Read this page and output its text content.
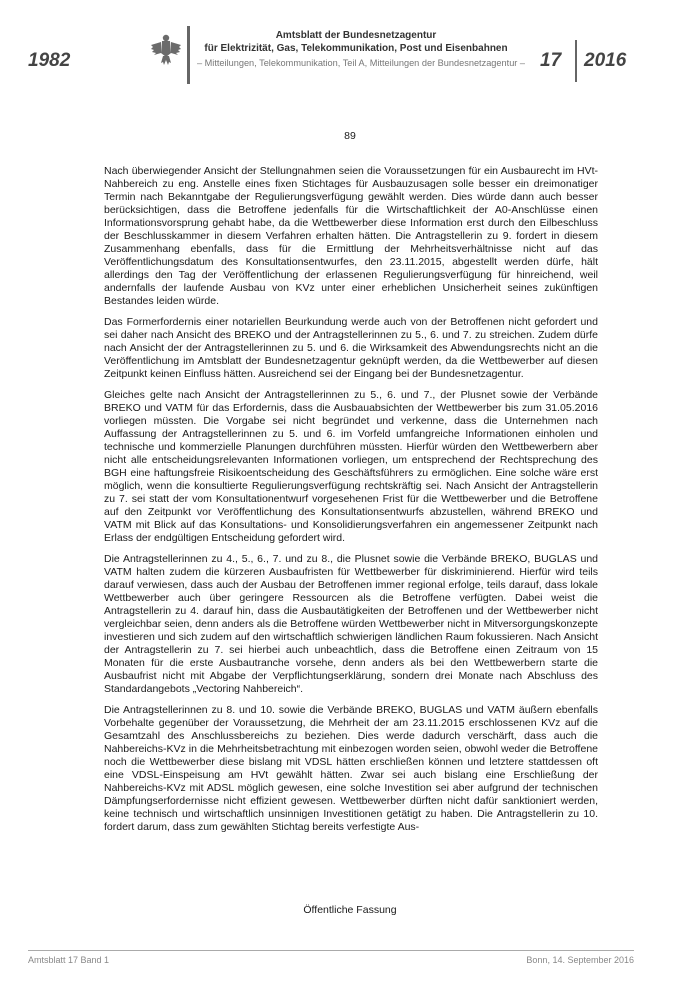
1982
Amtsblatt der Bundesnetzagentur
für Elektrizität, Gas, Telekommunikation, Post und Eisenbahnen
– Mitteilungen, Telekommunikation, Teil A, Mitteilungen der Bundesnetzagentur – 17 2016
89

Nach überwiegender Ansicht der Stellungnahmen seien die Voraussetzungen für ein Ausbaurecht im HVt-Nahbereich zu eng. Anstelle eines fixen Stichtages für Ausbauzusagen solle besser ein dreimonatiger Termin nach Bekanntgabe der Regulierungsverfügung gewählt werden. Dies würde dann auch besser berücksichtigen, dass die Betroffene jedenfalls für die Wirtschaftlichkeit der A0-Anschlüsse einen Informationsvorsprung gehabt habe, da die Wettbewerber diese Information erst durch den Eilbeschluss der Beschlusskammer in diesem Verfahren erhalten hätten. Die Antragstellerin zu 9. fordert in diesem Zusammenhang ebenfalls, dass für die Ermittlung der Mehrheitsverhältnisse nicht auf das Veröffentlichungsdatum des Konsultationsentwurfes, den 23.11.2015, abgestellt werden dürfe, hält allerdings den Tag der Veröffentlichung der erlassenen Regulierungsverfügung für hinreichend, weil andernfalls der laufende Ausbau von KVz unter einer erheblichen Unsicherheit seines zukünftigen Bestandes leiden würde.

Das Formerfordernis einer notariellen Beurkundung werde auch von der Betroffenen nicht gefordert und sei daher nach Ansicht des BREKO und der Antragstellerinnen zu 5., 6. und 7. zu streichen. Zudem dürfe nach Ansicht der der Antragstellerinnen zu 5. und 6. die Wirksamkeit des Abwendungsrechts nicht an die Veröffentlichung im Amtsblatt der Bundesnetzagentur geknüpft werden, da die Wettbewerber auf diesen Zeitpunkt keinen Einfluss hätten. Ausreichend sei der Eingang bei der Bundesnetzagentur.

Gleiches gelte nach Ansicht der Antragstellerinnen zu 5., 6. und 7., der Plusnet sowie der Verbände BREKO und VATM für das Erfordernis, dass die Ausbauabsichten der Wettbewerber bis zum 31.05.2016 vorliegen müssten. Die Vorgabe sei nicht begründet und verkenne, dass die Unternehmen nach Auffassung der Antragstellerinnen zu 5. und 6. im Vorfeld umfangreiche Informationen einholen und technische und kommerzielle Planungen durchführen müssten. Hierfür würden den Wettbewerbern aber nicht alle entscheidungsrelevanten Informationen vorliegen, um entsprechend der Rechtsprechung des BGH eine haftungsfreie Risikoentscheidung des Geschäftsführers zu ermöglichen. Eine solche wäre erst möglich, wenn die konsultierte Regulierungsverfügung rechtskräftig sei. Nach Ansicht der Antragstellerin zu 7. sei statt der vom Konsultationentwurf vorgesehenen Frist für die Wettbewerber und die Betroffene auf den Zeitpunkt vor Veröffentlichung des Konsultationsentwurfs abzustellen, während BREKO und VATM mit Blick auf das Konsultations- und Konsolidierungsverfahren ein angemessener Zeitpunkt nach Erlass der endgültigen Entscheidung gefordert wird.

Die Antragstellerinnen zu 4., 5., 6., 7. und zu 8., die Plusnet sowie die Verbände BREKO, BUGLAS und VATM halten zudem die kürzeren Ausbaufristen für Wettbewerber für diskriminierend. Hierfür wird teils darauf verwiesen, dass auch der Ausbau der Betroffenen immer regional erfolge, teils darauf, dass lokale Wettbewerber auch über geringere Ressourcen als die Betroffene verfügten. Dabei weist die Antragstellerin zu 4. darauf hin, dass die Ausbautätigkeiten der Betroffenen und der Wettbewerber nicht vergleichbar seien, denn anders als die Betroffene würden Wettbewerber nicht in Mitversorgungskonzepte investieren und sich zudem auf den wirtschaftlich schwierigen ländlichen Raum fokussieren. Nach Ansicht der Antragstellerin zu 7. sei hierbei auch unbeachtlich, dass die Betroffene einen Zeitraum von 15 Monaten für die erste Ausbautranche vorsehe, denn anders als bei den Wettbewerbern starte die Ausbaufrist nicht mit Abgabe der Verpflichtungserklärung, sondern drei Monate nach Abschluss des Standardangebots „Vectoring Nahbereich“.

Die Antragstellerinnen zu 8. und 10. sowie die Verbände BREKO, BUGLAS und VATM äußern ebenfalls Vorbehalte gegenüber der Voraussetzung, die Mehrheit der am 23.11.2015 erschlossenen KVz auf die Gesamtzahl des Anschlussbereichs zu beziehen. Dies werde dadurch verschärft, dass auch die Nahbereichs-KVz in die Mehrheitsbetrachtung mit einbezogen worden seien, obwohl weder die Betroffene noch die Wettbewerber diese bislang mit VDSL hätten erschließen können und letztere stattdessen oft eine VDSL-Einspeisung am HVt gewählt hätten. Zwar sei auch bislang eine Erschließung der Nahbereichs-KVz mit ADSL möglich gewesen, eine solche Investition sei aber aufgrund der technischen Dämpfungserfordernisse nicht effizient gewesen. Wettbewerber dürften nicht dafür sanktioniert werden, keine technisch und wirtschaftlich unsinnigen Investitionen getätigt zu haben. Die Antragstellerin zu 10. fordert darum, dass zum gewählten Stichtag bereits verfestigte Aus-

Öffentliche Fassung
Amtsblatt 17 Band 1	Bonn, 14. September 2016
